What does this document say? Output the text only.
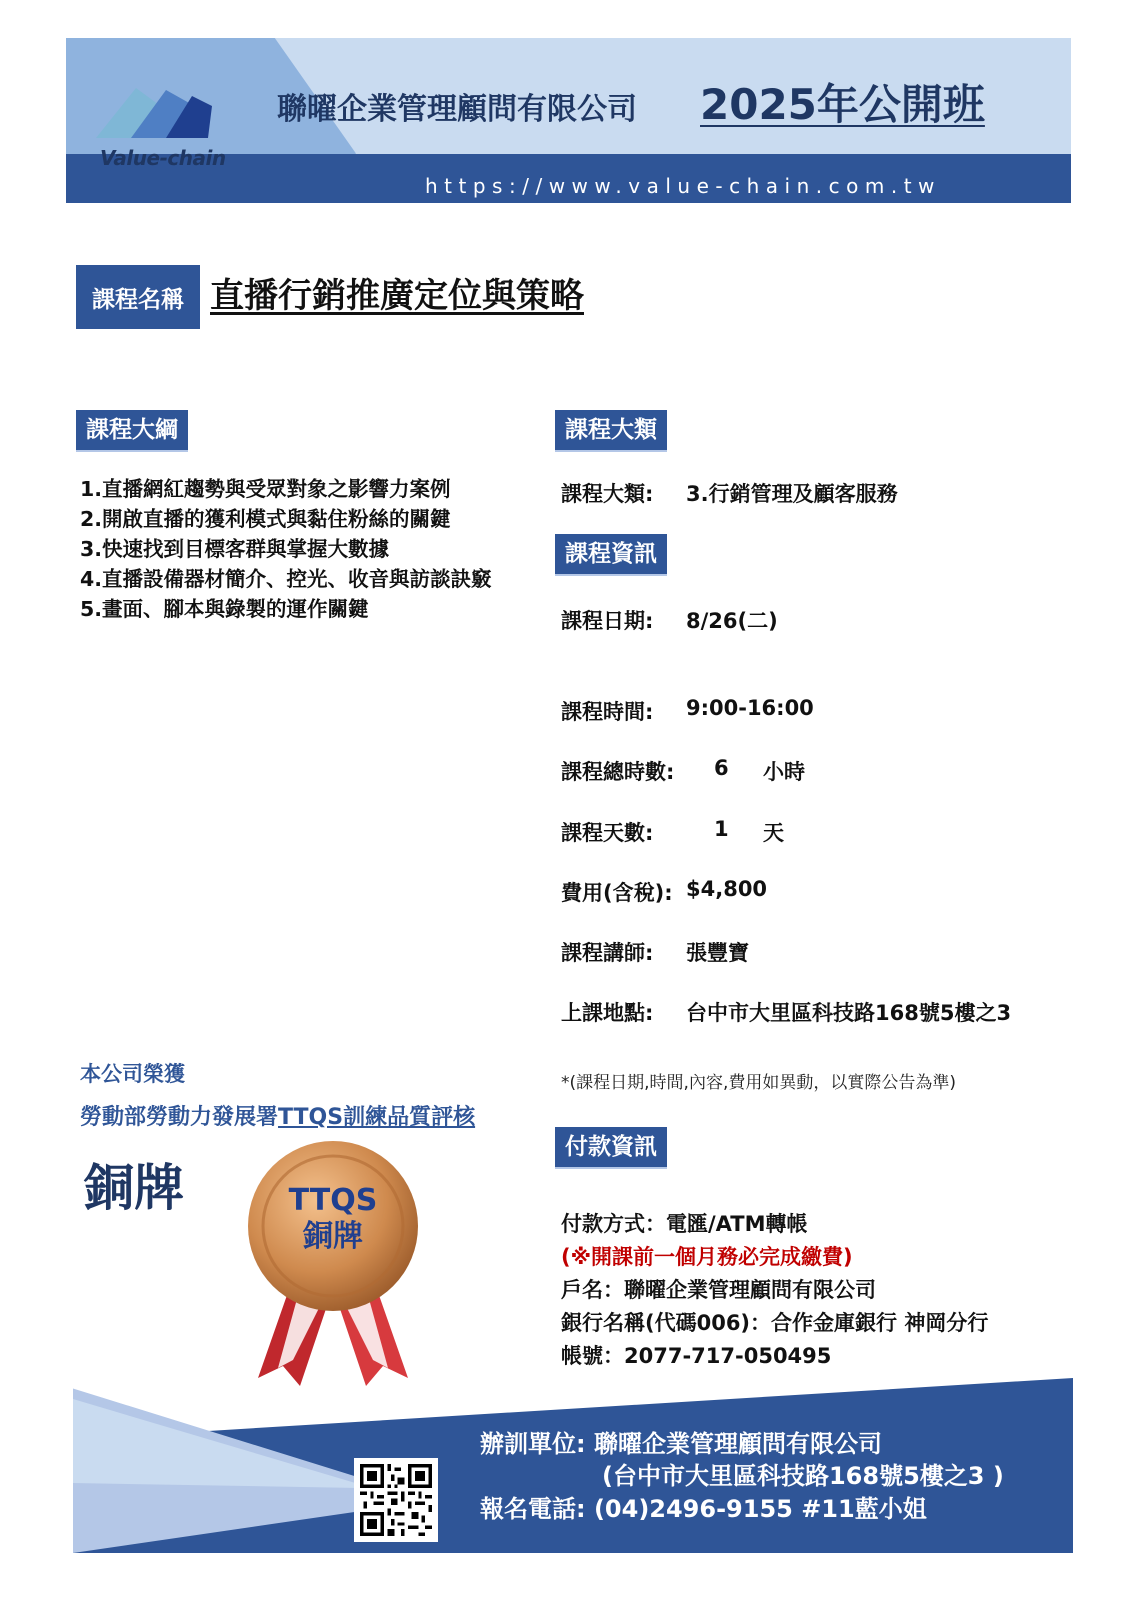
Value-chain
聯曜企業管理顧問有限公司 2025年公開班
https://www.value-chain.com.tw
課程名稱 直播行銷推廣定位與策略
課程大綱
1.直播網紅趨勢與受眾對象之影響力案例
2.開啟直播的獲利模式與黏住粉絲的關鍵
3.快速找到目標客群與掌握大數據
4.直播設備器材簡介、控光、收音與訪談訣竅
5.畫面、腳本與錄製的運作關鍵
課程大類
課程大類: 3.行銷管理及顧客服務
課程資訊
課程日期: 8/26(二)
課程時間: 9:00-16:00
課程總時數: 6 小時
課程天數:	1 天
費用(含稅): $4,800
課程講師: 張豐寶
上課地點: 台中市大里區科技路168號5樓之3
*(課程日期,時間,內容,費用如異動，以實際公告為準)
本公司榮獲
勞動部勞動力發展署TTQS訓練品質評核
銅牌	TTQS
銅牌
付款資訊
付款方式：電匯/ATM轉帳
(※開課前一個月務必完成繳費)
戶名：聯曜企業管理顧問有限公司
銀行名稱(代碼006)：合作金庫銀行 神岡分行
帳號：2077-717-050495
辦訓單位: 聯曜企業管理顧問有限公司
(台中市大里區科技路168號5樓之3 )
報名電話: (04)2496-9155 #11藍小姐
